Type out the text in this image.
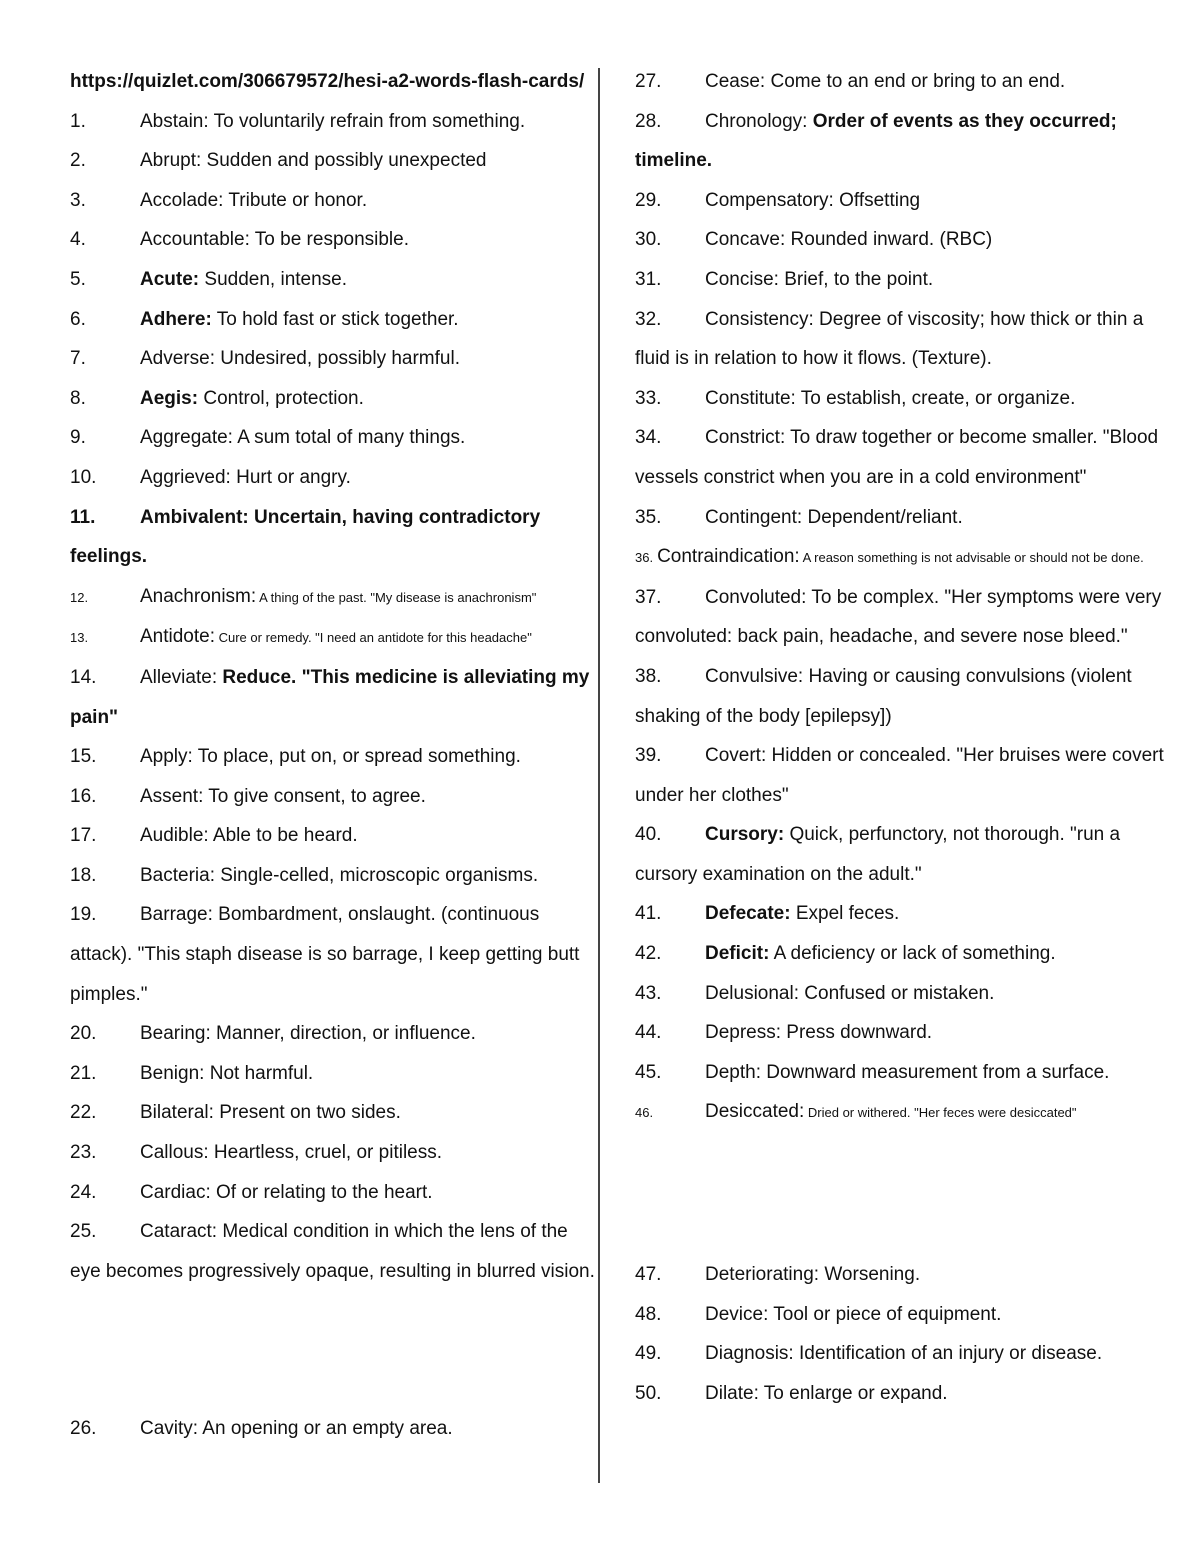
https://quizlet.com/306679572/hesi-a2-words-flash-cards/

1.	Abstain: To voluntarily refrain from something.

2.	Abrupt: Sudden and possibly unexpected

3.	Accolade: Tribute or honor.

4.	Accountable: To be responsible.

5.	Acute: Sudden, intense.

6.	Adhere: To hold fast or stick together.

7.	Adverse: Undesired, possibly harmful.

8.	Aegis: Control, protection.

9.	Aggregate: A sum total of many things.

10. Aggrieved: Hurt or angry.

11. Ambivalent: Uncertain, having contradictory feelings.

12.	Anachronism: A thing of the past. "My disease is anachronism"

13.	Antidote: Cure or remedy. "I need an antidote for this headache"

14. Alleviate: Reduce. "This medicine is alleviating my pain"

15. Apply: To place, put on, or spread something.

16. Assent: To give consent, to agree.

17. Audible: Able to be heard.

18. Bacteria: Single-celled, microscopic organisms.

19. Barrage: Bombardment, onslaught. (continuous attack). "This staph disease is so barrage, I keep getting butt pimples."

20. Bearing: Manner, direction, or influence.

21. Benign: Not harmful.

22. Bilateral: Present on two sides.

23. Callous: Heartless, cruel, or pitiless.

24. Cardiac: Of or relating to the heart.

25. Cataract: Medical condition in which the lens of the eye becomes progressively opaque, resulting in blurred vision.

26. Cavity: An opening or an empty area.

27. Cease: Come to an end or bring to an end.

28. Chronology: Order of events as they occurred; timeline.

29. Compensatory: Offsetting

30. Concave: Rounded inward. (RBC)

31. Concise: Brief, to the point.

32. Consistency: Degree of viscosity; how thick or thin a fluid is in relation to how it flows. (Texture).

33. Constitute: To establish, create, or organize.

34. Constrict: To draw together or become smaller. "Blood vessels constrict when you are in a cold environment"

35. Contingent: Dependent/reliant.

36. Contraindication: A reason something is not advisable or should not be done.

37. Convoluted: To be complex. "Her symptoms were very convoluted: back pain, headache, and severe nose bleed."

38. Convulsive: Having or causing convulsions (violent shaking of the body [epilepsy])

39. Covert: Hidden or concealed. "Her bruises were covert under her clothes"

40. Cursory: Quick, perfunctory, not thorough. "run a cursory examination on the adult."

41. Defecate: Expel feces.

42. Deficit: A deficiency or lack of something.

43. Delusional: Confused or mistaken.

44. Depress: Press downward.

45. Depth: Downward measurement from a surface.

46.	Desiccated: Dried or withered. "Her feces were desiccated"

47. Deteriorating: Worsening.

48. Device: Tool or piece of equipment.

49. Diagnosis: Identification of an injury or disease.

50. Dilate: To enlarge or expand.
